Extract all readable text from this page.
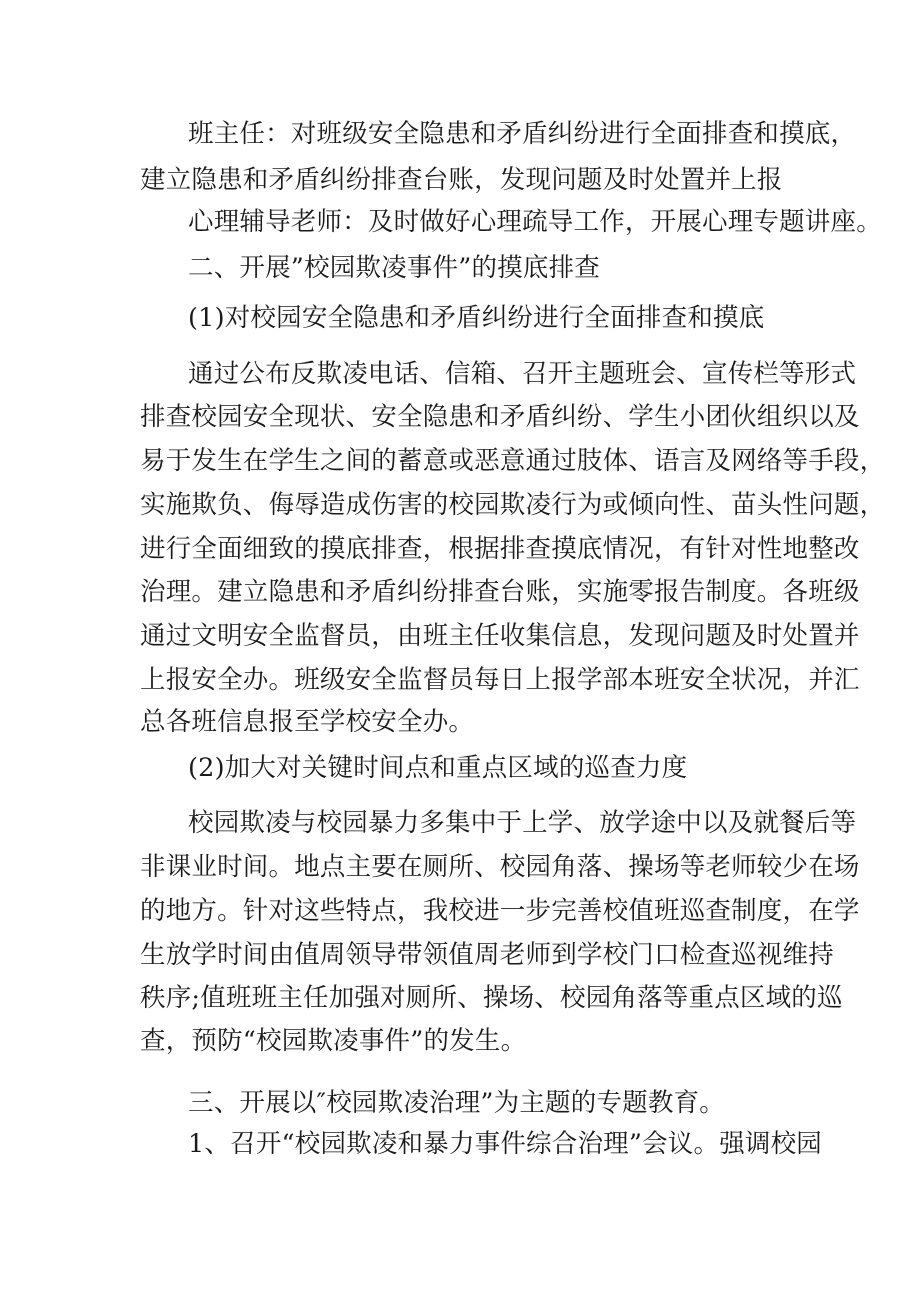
班主任：对班级安全隐患和矛盾纠纷进行全面排查和摸底，
建立隐患和矛盾纠纷排查台账，发现问题及时处置并上报
心理辅导老师：及时做好心理疏导工作，开展心理专题讲座。
二、开展”校园欺凌事件”的摸底排查
(1)对校园安全隐患和矛盾纠纷进行全面排查和摸底
通过公布反欺凌电话、信箱、召开主题班会、宣传栏等形式
排查校园安全现状、安全隐患和矛盾纠纷、学生小团伙组织以及
易于发生在学生之间的蓄意或恶意通过肢体、语言及网络等手段，
实施欺负、侮辱造成伤害的校园欺凌行为或倾向性、苗头性问题，
进行全面细致的摸底排查，根据排查摸底情况，有针对性地整改
治理。建立隐患和矛盾纠纷排查台账，实施零报告制度。各班级
通过文明安全监督员，由班主任收集信息，发现问题及时处置并
上报安全办。班级安全监督员每日上报学部本班安全状况，并汇
总各班信息报至学校安全办。
(2)加大对关键时间点和重点区域的巡查力度
校园欺凌与校园暴力多集中于上学、放学途中以及就餐后等
非课业时间。地点主要在厕所、校园角落、操场等老师较少在场
的地方。针对这些特点，我校进一步完善校值班巡查制度，在学
生放学时间由值周领导带领值周老师到学校门口检查巡视维持
秩序;值班班主任加强对厕所、操场、校园角落等重点区域的巡
查，预防“校园欺凌事件”的发生。
三、开展以″校园欺凌治理”为主题的专题教育。
1、召开“校园欺凌和暴力事件综合治理”会议。强调校园
